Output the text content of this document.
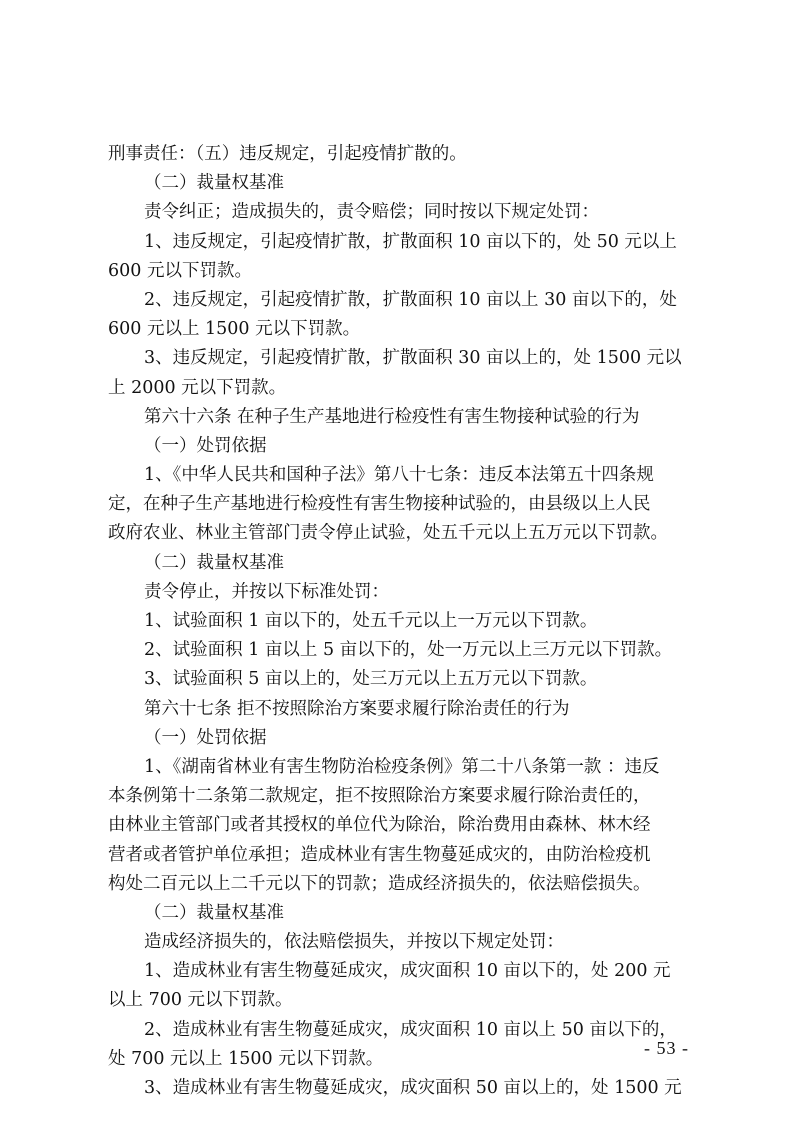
刑事责任：（五）违反规定，引起疫情扩散的。
（二）裁量权基准
责令纠正；造成损失的，责令赔偿；同时按以下规定处罚：
1、违反规定，引起疫情扩散，扩散面积 10 亩以下的，处 50 元以上
600 元以下罚款。
2、违反规定，引起疫情扩散，扩散面积 10 亩以上 30 亩以下的，处
600 元以上 1500 元以下罚款。
3、违反规定，引起疫情扩散，扩散面积 30 亩以上的，处 1500 元以
上 2000 元以下罚款。
第六十六条 在种子生产基地进行检疫性有害生物接种试验的行为
（一）处罚依据
1、《中华人民共和国种子法》第八十七条：违反本法第五十四条规
定，在种子生产基地进行检疫性有害生物接种试验的，由县级以上人民
政府农业、林业主管部门责令停止试验，处五千元以上五万元以下罚款。
（二）裁量权基准
责令停止，并按以下标准处罚：
1、试验面积 1 亩以下的，处五千元以上一万元以下罚款。
2、试验面积 1 亩以上 5 亩以下的，处一万元以上三万元以下罚款。
3、试验面积 5 亩以上的，处三万元以上五万元以下罚款。
第六十七条 拒不按照除治方案要求履行除治责任的行为
（一）处罚依据
1、《湖南省林业有害生物防治检疫条例》第二十八条第一款 ：违反
本条例第十二条第二款规定，拒不按照除治方案要求履行除治责任的，
由林业主管部门或者其授权的单位代为除治，除治费用由森林、林木经
营者或者管护单位承担；造成林业有害生物蔓延成灾的，由防治检疫机
构处二百元以上二千元以下的罚款；造成经济损失的，依法赔偿损失。
（二）裁量权基准
造成经济损失的，依法赔偿损失，并按以下规定处罚：
1、造成林业有害生物蔓延成灾，成灾面积 10 亩以下的，处 200 元
以上 700 元以下罚款。
2、造成林业有害生物蔓延成灾，成灾面积 10 亩以上 50 亩以下的，
处 700 元以上 1500 元以下罚款。
3、造成林业有害生物蔓延成灾，成灾面积 50 亩以上的，处 1500 元
- 53 -
